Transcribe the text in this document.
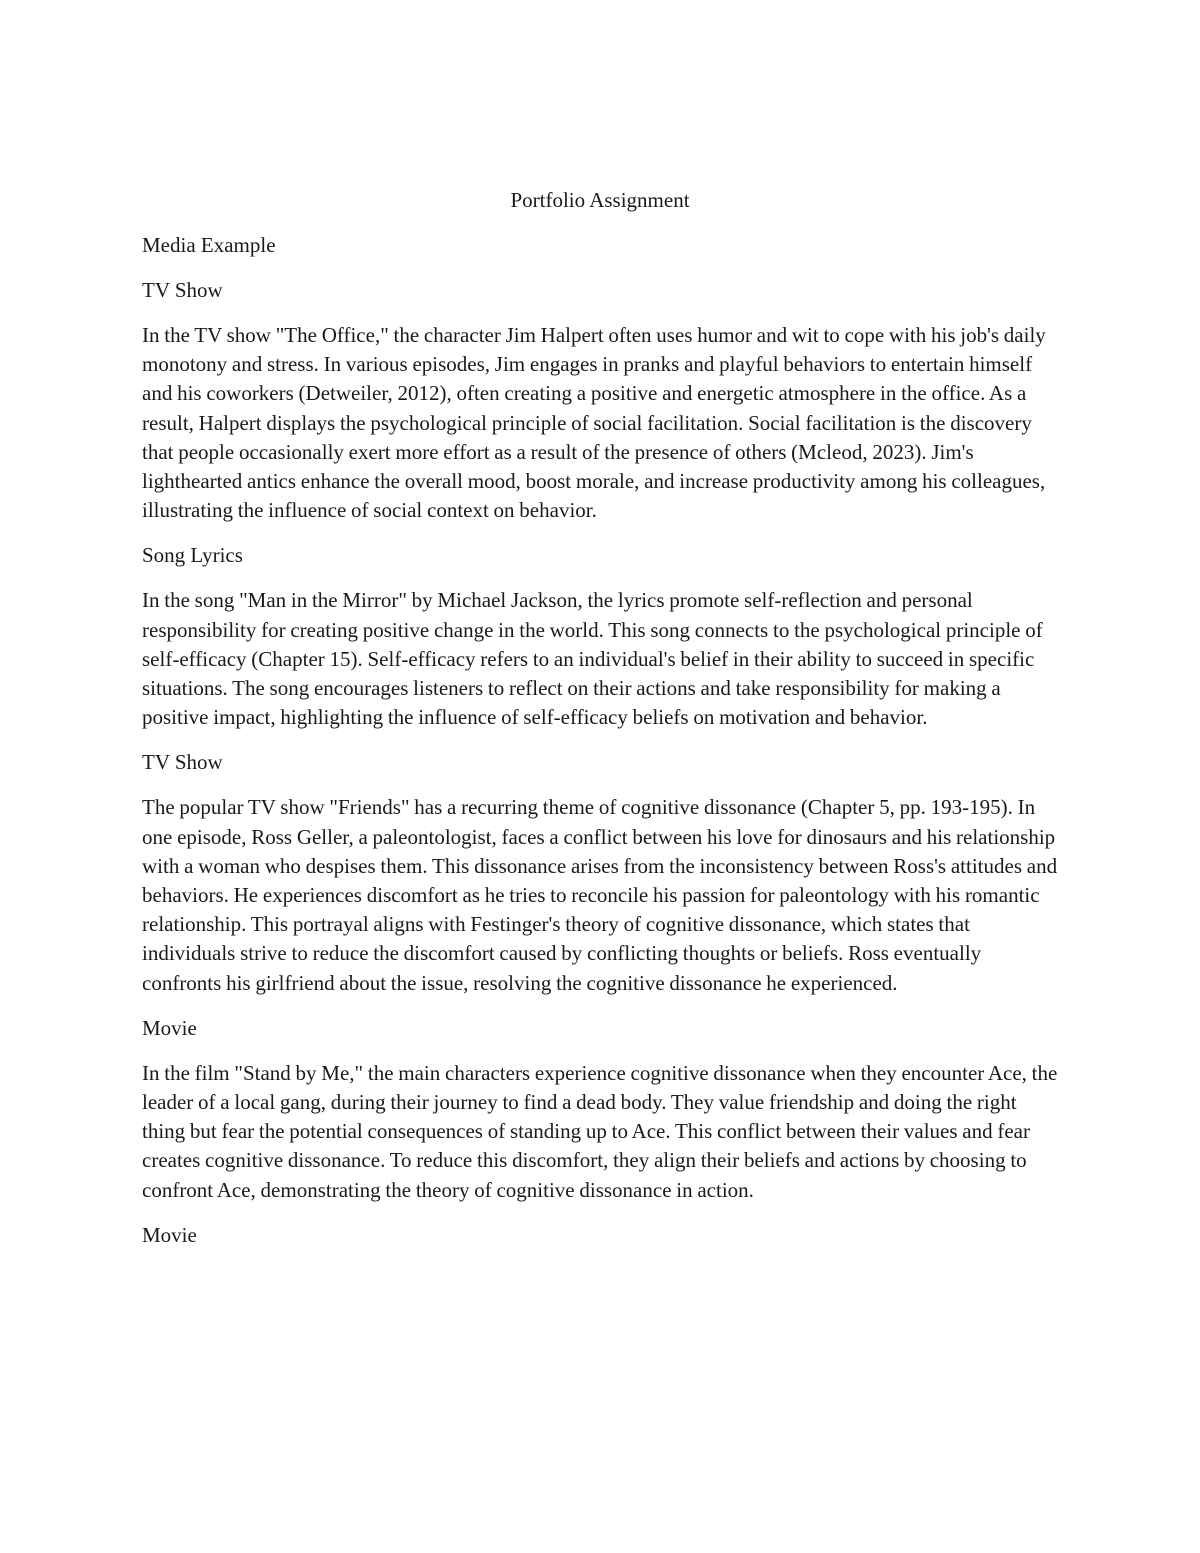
Portfolio Assignment
Media Example
TV Show
In the TV show "The Office," the character Jim Halpert often uses humor and wit to cope with his job's daily monotony and stress. In various episodes, Jim engages in pranks and playful behaviors to entertain himself and his coworkers (Detweiler, 2012), often creating a positive and energetic atmosphere in the office. As a result, Halpert displays the psychological principle of social facilitation. Social facilitation is the discovery that people occasionally exert more effort as a result of the presence of others (Mcleod, 2023). Jim's lighthearted antics enhance the overall mood, boost morale, and increase productivity among his colleagues, illustrating the influence of social context on behavior.
Song Lyrics
In the song "Man in the Mirror" by Michael Jackson, the lyrics promote self-reflection and personal responsibility for creating positive change in the world. This song connects to the psychological principle of self-efficacy (Chapter 15). Self-efficacy refers to an individual's belief in their ability to succeed in specific situations. The song encourages listeners to reflect on their actions and take responsibility for making a positive impact, highlighting the influence of self-efficacy beliefs on motivation and behavior.
TV Show
The popular TV show "Friends" has a recurring theme of cognitive dissonance (Chapter 5, pp. 193-195). In one episode, Ross Geller, a paleontologist, faces a conflict between his love for dinosaurs and his relationship with a woman who despises them. This dissonance arises from the inconsistency between Ross's attitudes and behaviors. He experiences discomfort as he tries to reconcile his passion for paleontology with his romantic relationship. This portrayal aligns with Festinger's theory of cognitive dissonance, which states that individuals strive to reduce the discomfort caused by conflicting thoughts or beliefs. Ross eventually confronts his girlfriend about the issue, resolving the cognitive dissonance he experienced.
Movie
In the film "Stand by Me," the main characters experience cognitive dissonance when they encounter Ace, the leader of a local gang, during their journey to find a dead body. They value friendship and doing the right thing but fear the potential consequences of standing up to Ace. This conflict between their values and fear creates cognitive dissonance. To reduce this discomfort, they align their beliefs and actions by choosing to confront Ace, demonstrating the theory of cognitive dissonance in action.
Movie
